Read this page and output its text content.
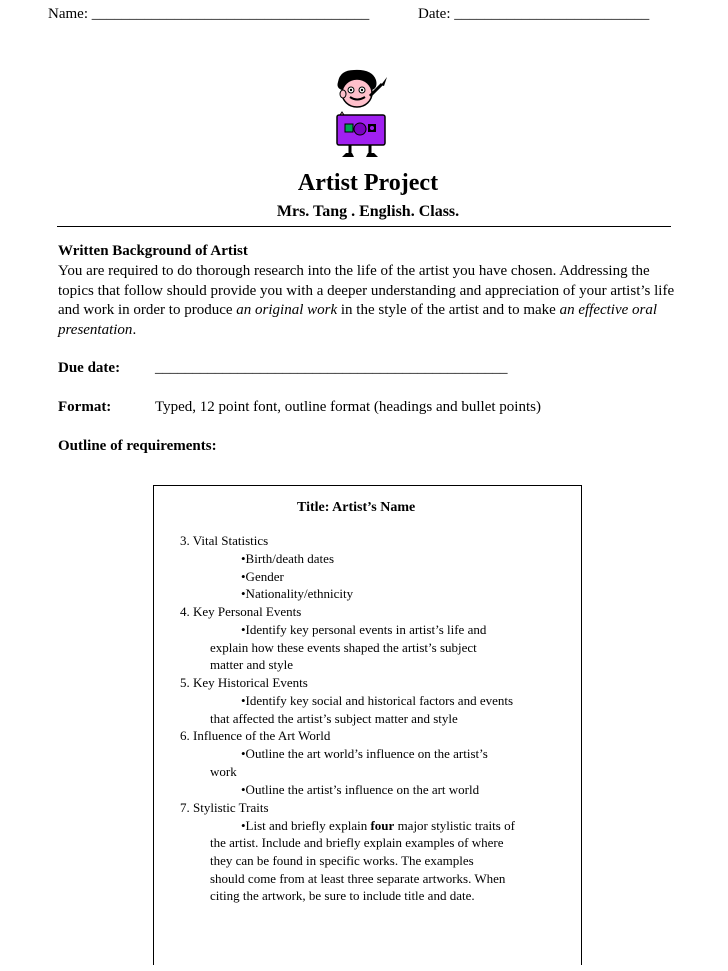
Name: _____________________________________	Date: __________________________
Artist Project
Mrs. Tang . English. Class.
Written Background of Artist
You are required to do thorough research into the life of the artist you have chosen. Addressing the topics that follow should provide you with a deeper understanding and appreciation of your artist’s life and work in order to produce an original work in the style of the artist and to make an effective oral presentation.
Due date: _______________________________________________
Format:	Typed, 12 point font, outline format (headings and bullet points)
Outline of requirements:
Title: Artist’s Name
3. Vital Statistics
•Birth/death dates
•Gender
•Nationality/ethnicity
4. Key Personal Events
•Identify key personal events in artist’s life and
explain how these events shaped the artist’s subject
matter and style
5. Key Historical Events
•Identify key social and historical factors and events
that affected the artist’s subject matter and style
6. Influence of the Art World
•Outline the art world’s influence on the artist’s
work
•Outline the artist’s influence on the art world
7. Stylistic Traits
•List and briefly explain four major stylistic traits of
the artist. Include and briefly explain examples of where
they can be found in specific works. The examples
should come from at least three separate artworks. When
citing the artwork, be sure to include title and date.
